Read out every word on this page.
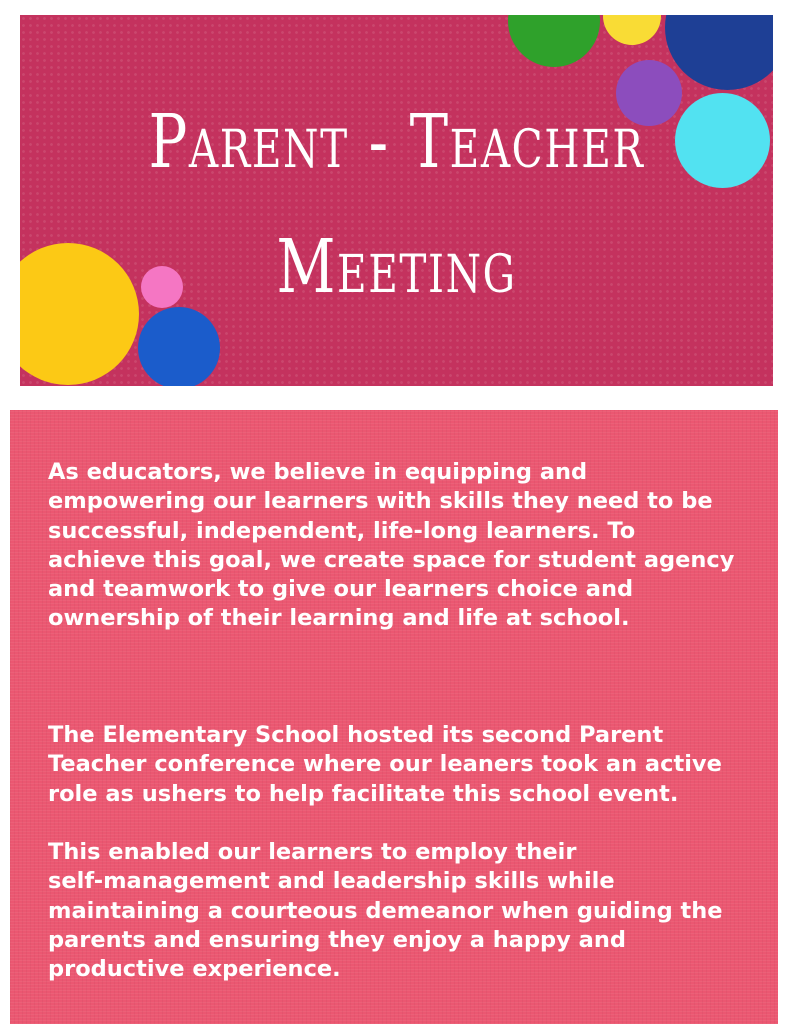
Parent - Teacher
Meeting

As educators, we believe in equipping and
empowering our learners with skills they need to be
successful, independent, life-long learners. To
achieve this goal, we create space for student agency
and teamwork to give our learners choice and
ownership of their learning and life at school.

The Elementary School hosted its second Parent
Teacher conference where our leaners took an active
role as ushers to help facilitate this school event.

This enabled our learners to employ their
self-management and leadership skills while
maintaining a courteous demeanor when guiding the
parents and ensuring they enjoy a happy and
productive experience.
